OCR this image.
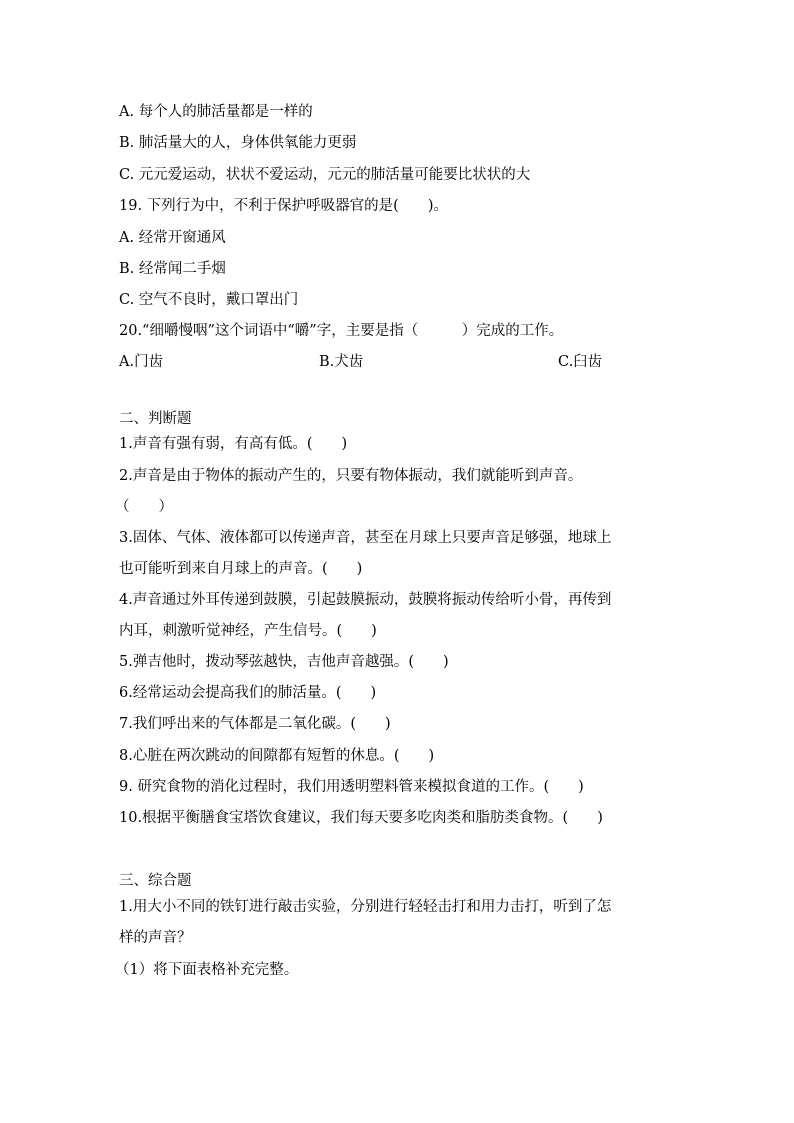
A. 每个人的肺活量都是一样的
B. 肺活量大的人，身体供氧能力更弱
C. 元元爱运动，状状不爱运动，元元的肺活量可能要比状状的大
19. 下列行为中，不利于保护呼吸器官的是(　　)。
A. 经常开窗通风
B. 经常闻二手烟
C. 空气不良时，戴口罩出门
20.“细嚼慢咽”这个词语中“嚼”字，主要是指（　　　）完成的工作。
A.门齿	B.犬齿	C.臼齿
二、判断题
1.声音有强有弱，有高有低。(　　)
2.声音是由于物体的振动产生的，只要有物体振动，我们就能听到声音。
（　　）
3.固体、气体、液体都可以传递声音，甚至在月球上只要声音足够强，地球上
也可能听到来自月球上的声音。(　　)
4.声音通过外耳传递到鼓膜，引起鼓膜振动，鼓膜将振动传给听小骨，再传到
内耳，刺激听觉神经，产生信号。(　　)
5.弹吉他时，拨动琴弦越快，吉他声音越强。(　　)
6.经常运动会提高我们的肺活量。(　　)
7.我们呼出来的气体都是二氧化碳。(　　)
8.心脏在两次跳动的间隙都有短暂的休息。(　　)
9. 研究食物的消化过程时，我们用透明塑料管来模拟食道的工作。(　　)
10.根据平衡膳食宝塔饮食建议，我们每天要多吃肉类和脂肪类食物。(　　)
三、综合题
1.用大小不同的铁钉进行敲击实验，分别进行轻轻击打和用力击打，听到了怎
样的声音？
（1）将下面表格补充完整。
